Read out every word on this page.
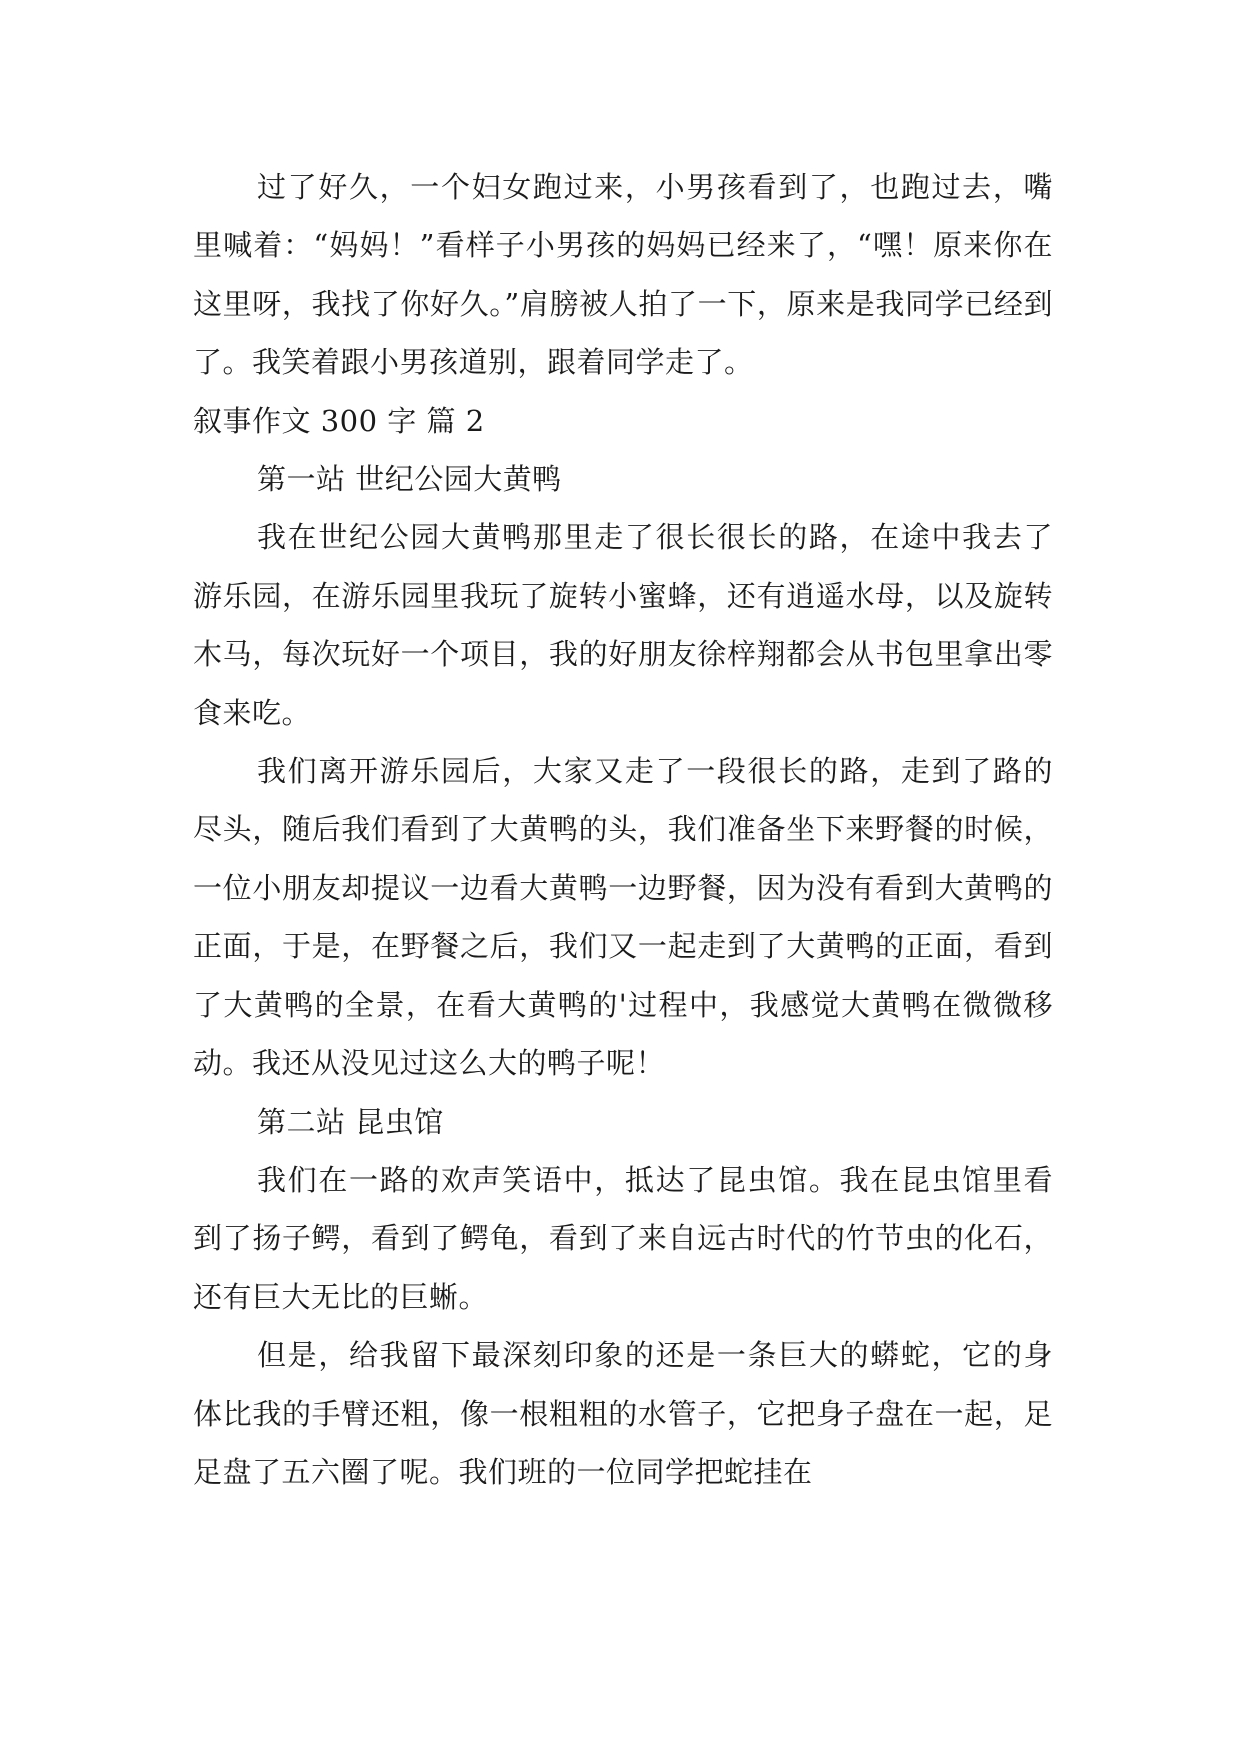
过了好久，一个妇女跑过来，小男孩看到了，也跑过去，嘴里喊着：“妈妈！”看样子小男孩的妈妈已经来了，“嘿！原来你在这里呀，我找了你好久。”肩膀被人拍了一下，原来是我同学已经到了。我笑着跟小男孩道别，跟着同学走了。

叙事作文 300 字 篇 2

第一站 世纪公园大黄鸭

我在世纪公园大黄鸭那里走了很长很长的路，在途中我去了游乐园，在游乐园里我玩了旋转小蜜蜂，还有逍遥水母，以及旋转木马，每次玩好一个项目，我的好朋友徐梓翔都会从书包里拿出零食来吃。

我们离开游乐园后，大家又走了一段很长的路，走到了路的尽头，随后我们看到了大黄鸭的头，我们准备坐下来野餐的时候，一位小朋友却提议一边看大黄鸭一边野餐，因为没有看到大黄鸭的正面，于是，在野餐之后，我们又一起走到了大黄鸭的正面，看到了大黄鸭的全景，在看大黄鸭的'过程中，我感觉大黄鸭在微微移动。我还从没见过这么大的鸭子呢！

第二站 昆虫馆

我们在一路的欢声笑语中，抵达了昆虫馆。我在昆虫馆里看到了扬子鳄，看到了鳄龟，看到了来自远古时代的竹节虫的化石，还有巨大无比的巨蜥。

但是，给我留下最深刻印象的还是一条巨大的蟒蛇，它的身体比我的手臂还粗，像一根粗粗的水管子，它把身子盘在一起，足足盘了五六圈了呢。我们班的一位同学把蛇挂在
